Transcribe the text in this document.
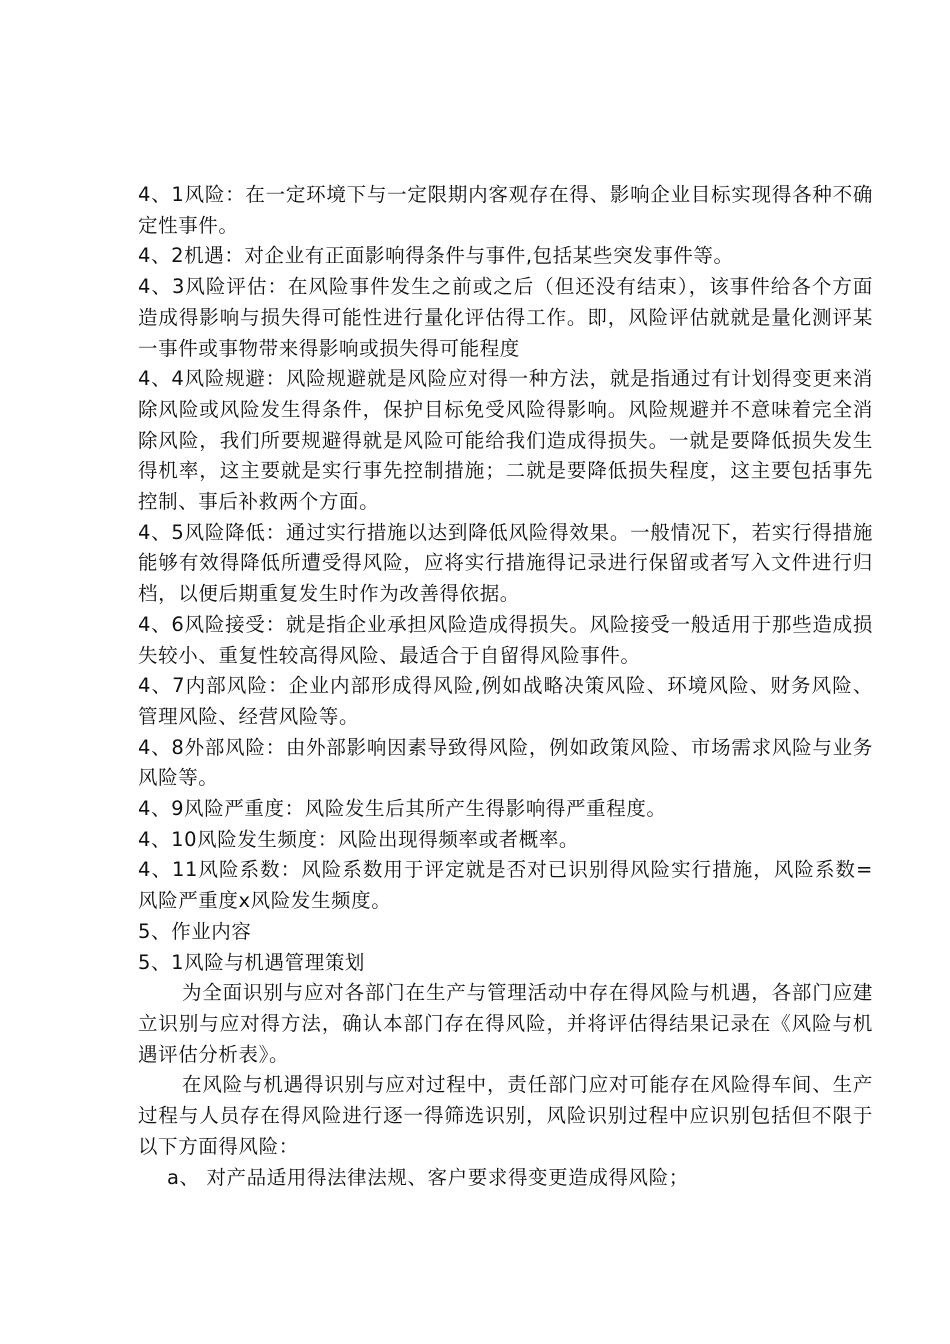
4、1风险：在一定环境下与一定限期内客观存在得、影响企业目标实现得各种不确定性事件。

4、2机遇：对企业有正面影响得条件与事件,包括某些突发事件等。

4、3风险评估：在风险事件发生之前或之后（但还没有结束），该事件给各个方面造成得影响与损失得可能性进行量化评估得工作。即，风险评估就就是量化测评某一事件或事物带来得影响或损失得可能程度

4、4风险规避：风险规避就是风险应对得一种方法，就是指通过有计划得变更来消除风险或风险发生得条件，保护目标免受风险得影响。风险规避并不意味着完全消除风险，我们所要规避得就是风险可能给我们造成得损失。一就是要降低损失发生得机率，这主要就是实行事先控制措施；二就是要降低损失程度，这主要包括事先控制、事后补救两个方面。

4、5风险降低：通过实行措施以达到降低风险得效果。一般情况下，若实行得措施能够有效得降低所遭受得风险，应将实行措施得记录进行保留或者写入文件进行归档，以便后期重复发生时作为改善得依据。

4、6风险接受：就是指企业承担风险造成得损失。风险接受一般适用于那些造成损失较小、重复性较高得风险、最适合于自留得风险事件。

4、7内部风险：企业内部形成得风险,例如战略决策风险、环境风险、财务风险、管理风险、经营风险等。

4、8外部风险：由外部影响因素导致得风险，例如政策风险、市场需求风险与业务风险等。

4、9风险严重度：风险发生后其所产生得影响得严重程度。

4、10风险发生频度：风险出现得频率或者概率。

4、11风险系数：风险系数用于评定就是否对已识别得风险实行措施，风险系数=风险严重度x风险发生频度。

5、作业内容

5、1风险与机遇管理策划

为全面识别与应对各部门在生产与管理活动中存在得风险与机遇，各部门应建立识别与应对得方法，确认本部门存在得风险，并将评估得结果记录在《风险与机遇评估分析表》。

在风险与机遇得识别与应对过程中，责任部门应对可能存在风险得车间、生产过程与人员存在得风险进行逐一得筛选识别，风险识别过程中应识别包括但不限于以下方面得风险：

a、 对产品适用得法律法规、客户要求得变更造成得风险；
